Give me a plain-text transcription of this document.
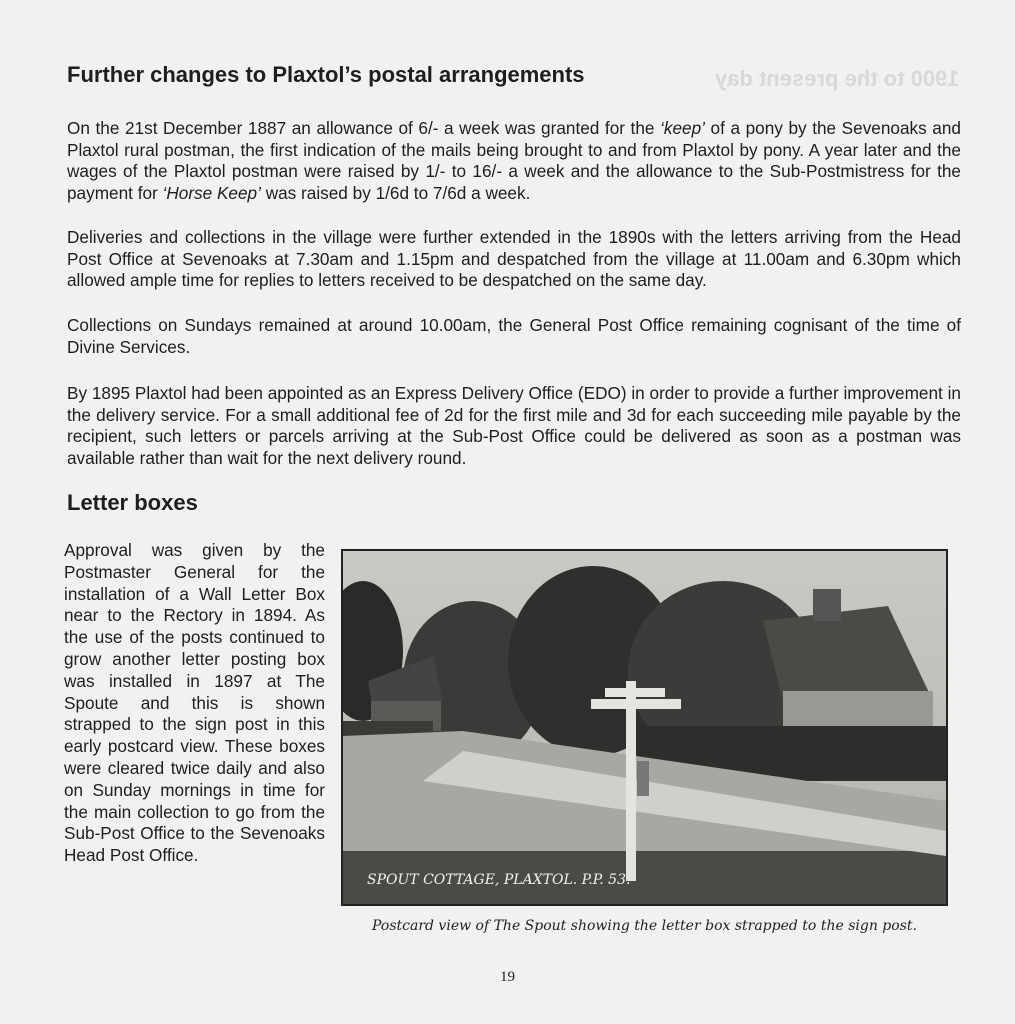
1900 to the present day
Further changes to Plaxtol’s postal arrangements

On the 21st December 1887 an allowance of 6/- a week was granted for the ‘keep’ of a pony by the Sevenoaks and Plaxtol rural postman, the first indication of the mails being brought to and from Plaxtol by pony. A year later and the wages of the Plaxtol postman were raised by 1/- to 16/- a week and the allowance to the Sub-Postmistress for the payment for ‘Horse Keep’ was raised by 1/6d to 7/6d a week.

Deliveries and collections in the village were further extended in the 1890s with the letters arriving from the Head Post Office at Sevenoaks at 7.30am and 1.15pm and despatched from the village at 11.00am and 6.30pm which allowed ample time for replies to letters received to be despatched on the same day.

Collections on Sundays remained at around 10.00am, the General Post Office remaining cognisant of the time of Divine Services.

By 1895 Plaxtol had been appointed as an Express Delivery Office (EDO) in order to provide a further improvement in the delivery service. For a small additional fee of 2d for the first mile and 3d for each succeeding mile payable by the recipient, such letters or parcels arriving at the Sub-Post Office could be delivered as soon as a postman was available rather than wait for the next delivery round.

Letter boxes
Approval was given by the Postmaster General for the installation of a Wall Letter Box near to the Rectory in 1894. As the use of the posts continued to grow another letter posting box was installed in 1897 at The Spoute and this is shown strapped to the sign post in this early postcard view. These boxes were cleared twice daily and also on Sunday mornings in time for the main collection to go from the Sub-Post Office to the Sevenoaks Head Post Office.
SPOUT COTTAGE, PLAXTOL. P.P. 53.
Postcard view of The Spout showing the letter box strapped to the sign post.
19
